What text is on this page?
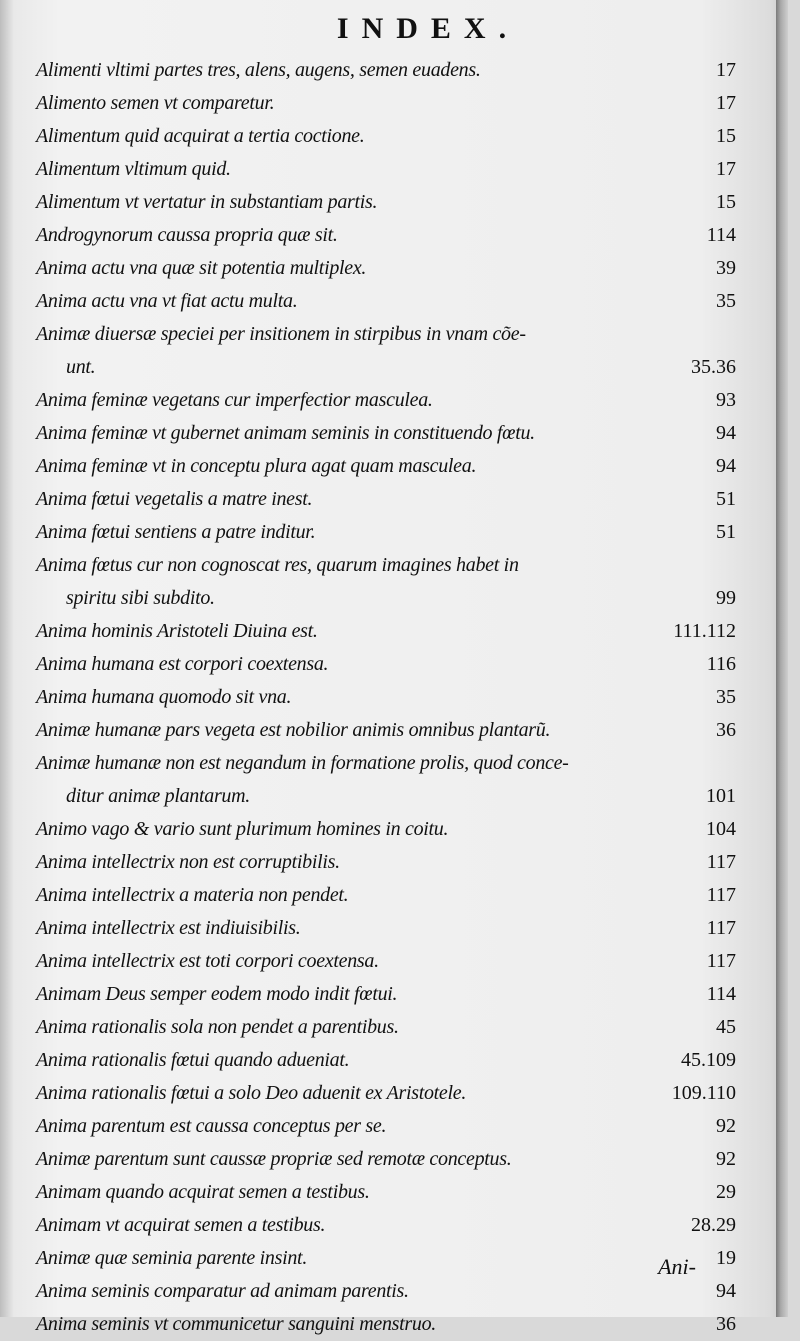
INDEX.
Alimenti vltimi partes tres, alens, augens, semen euadens.	17
Alimento semen vt comparetur.	17
Alimentum quid acquirat a tertia coctione.	15
Alimentum vltimum quid.	17
Alimentum vt vertatur in substantiam partis.	15
Androgynorum caussa propria quæ sit.	114
Anima actu vna quæ sit potentia multiplex.	39
Anima actu vna vt fiat actu multa.	35
Animæ diuersæ speciei per insitionem in stirpibus in vnam cõe-
unt.	35.36
Anima feminæ vegetans cur imperfectior masculea.	93
Anima feminæ vt gubernet animam seminis in constituendo fœtu.	94
Anima feminæ vt in conceptu plura agat quam masculea.	94
Anima fœtui vegetalis a matre inest.	51
Anima fœtui sentiens a patre inditur.	51
Anima fœtus cur non cognoscat res, quarum imagines habet in
spiritu sibi subdito.	99
Anima hominis Aristoteli Diuina est.	111.112
Anima humana est corpori coextensa.	116
Anima humana quomodo sit vna.	35
Animæ humanæ pars vegeta est nobilior animis omnibus plantarũ.	36
Animæ humanæ non est negandum in formatione prolis, quod conce-
ditur animæ plantarum.	101
Animo vago & vario sunt plurimum homines in coitu.	104
Anima intellectrix non est corruptibilis.	117
Anima intellectrix a materia non pendet.	117
Anima intellectrix est indiuisibilis.	117
Anima intellectrix est toti corpori coextensa.	117
Animam Deus semper eodem modo indit fœtui.	114
Anima rationalis sola non pendet a parentibus.	45
Anima rationalis fœtui quando adueniat.	45.109
Anima rationalis fœtui a solo Deo aduenit ex Aristotele.	109.110
Anima parentum est caussa conceptus per se.	92
Animæ parentum sunt caussæ propriæ sed remotæ conceptus.	92
Animam quando acquirat semen a testibus.	29
Animam vt acquirat semen a testibus.	28.29
Animæ quæ seminia parente insint.	19
Anima seminis comparatur ad animam parentis.	94
Anima seminis vt communicetur sanguini menstruo.	36
Ani-
